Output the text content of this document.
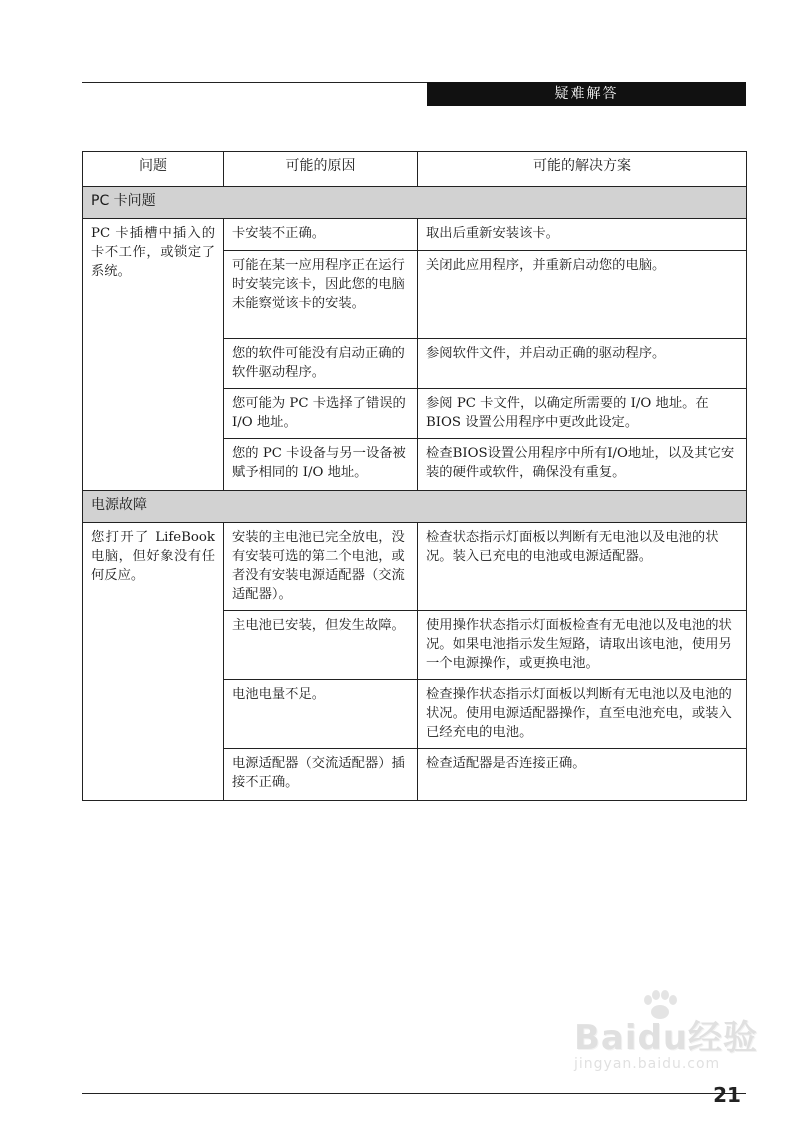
疑难解答
问题	可能的原因	可能的解决方案
PC 卡问题		
PC 卡插槽中插入的卡不工作，或锁定了系统。	卡安装不正确。	取出后重新安装该卡。
	可能在某一应用程序正在运行时安装完该卡，因此您的电脑未能察觉该卡的安装。	关闭此应用程序，并重新启动您的电脑。
	您的软件可能没有启动正确的软件驱动程序。	参阅软件文件，并启动正确的驱动程序。
	您可能为 PC 卡选择了错误的 I/O 地址。	参阅 PC 卡文件，以确定所需要的 I/O 地址。在 BIOS 设置公用程序中更改此设定。
	您的 PC 卡设备与另一设备被赋予相同的 I/O 地址。	检查BIOS设置公用程序中所有I/O地址，以及其它安装的硬件或软件，确保没有重复。
电源故障		
您打开了 LifeBook 电脑，但好象没有任何反应。	安装的主电池已完全放电，没有安装可选的第二个电池，或者没有安装电源适配器（交流适配器）。	检查状态指示灯面板以判断有无电池以及电池的状况。装入已充电的电池或电源适配器。
	主电池已安装，但发生故障。	使用操作状态指示灯面板检查有无电池以及电池的状况。如果电池指示发生短路，请取出该电池，使用另一个电源操作，或更换电池。
	电池电量不足。	检查操作状态指示灯面板以判断有无电池以及电池的状况。使用电源适配器操作，直至电池充电，或装入已经充电的电池。
	电源适配器（交流适配器）插接不正确。	检查适配器是否连接正确。
Baidu经验
jingyan.baidu.com
21
